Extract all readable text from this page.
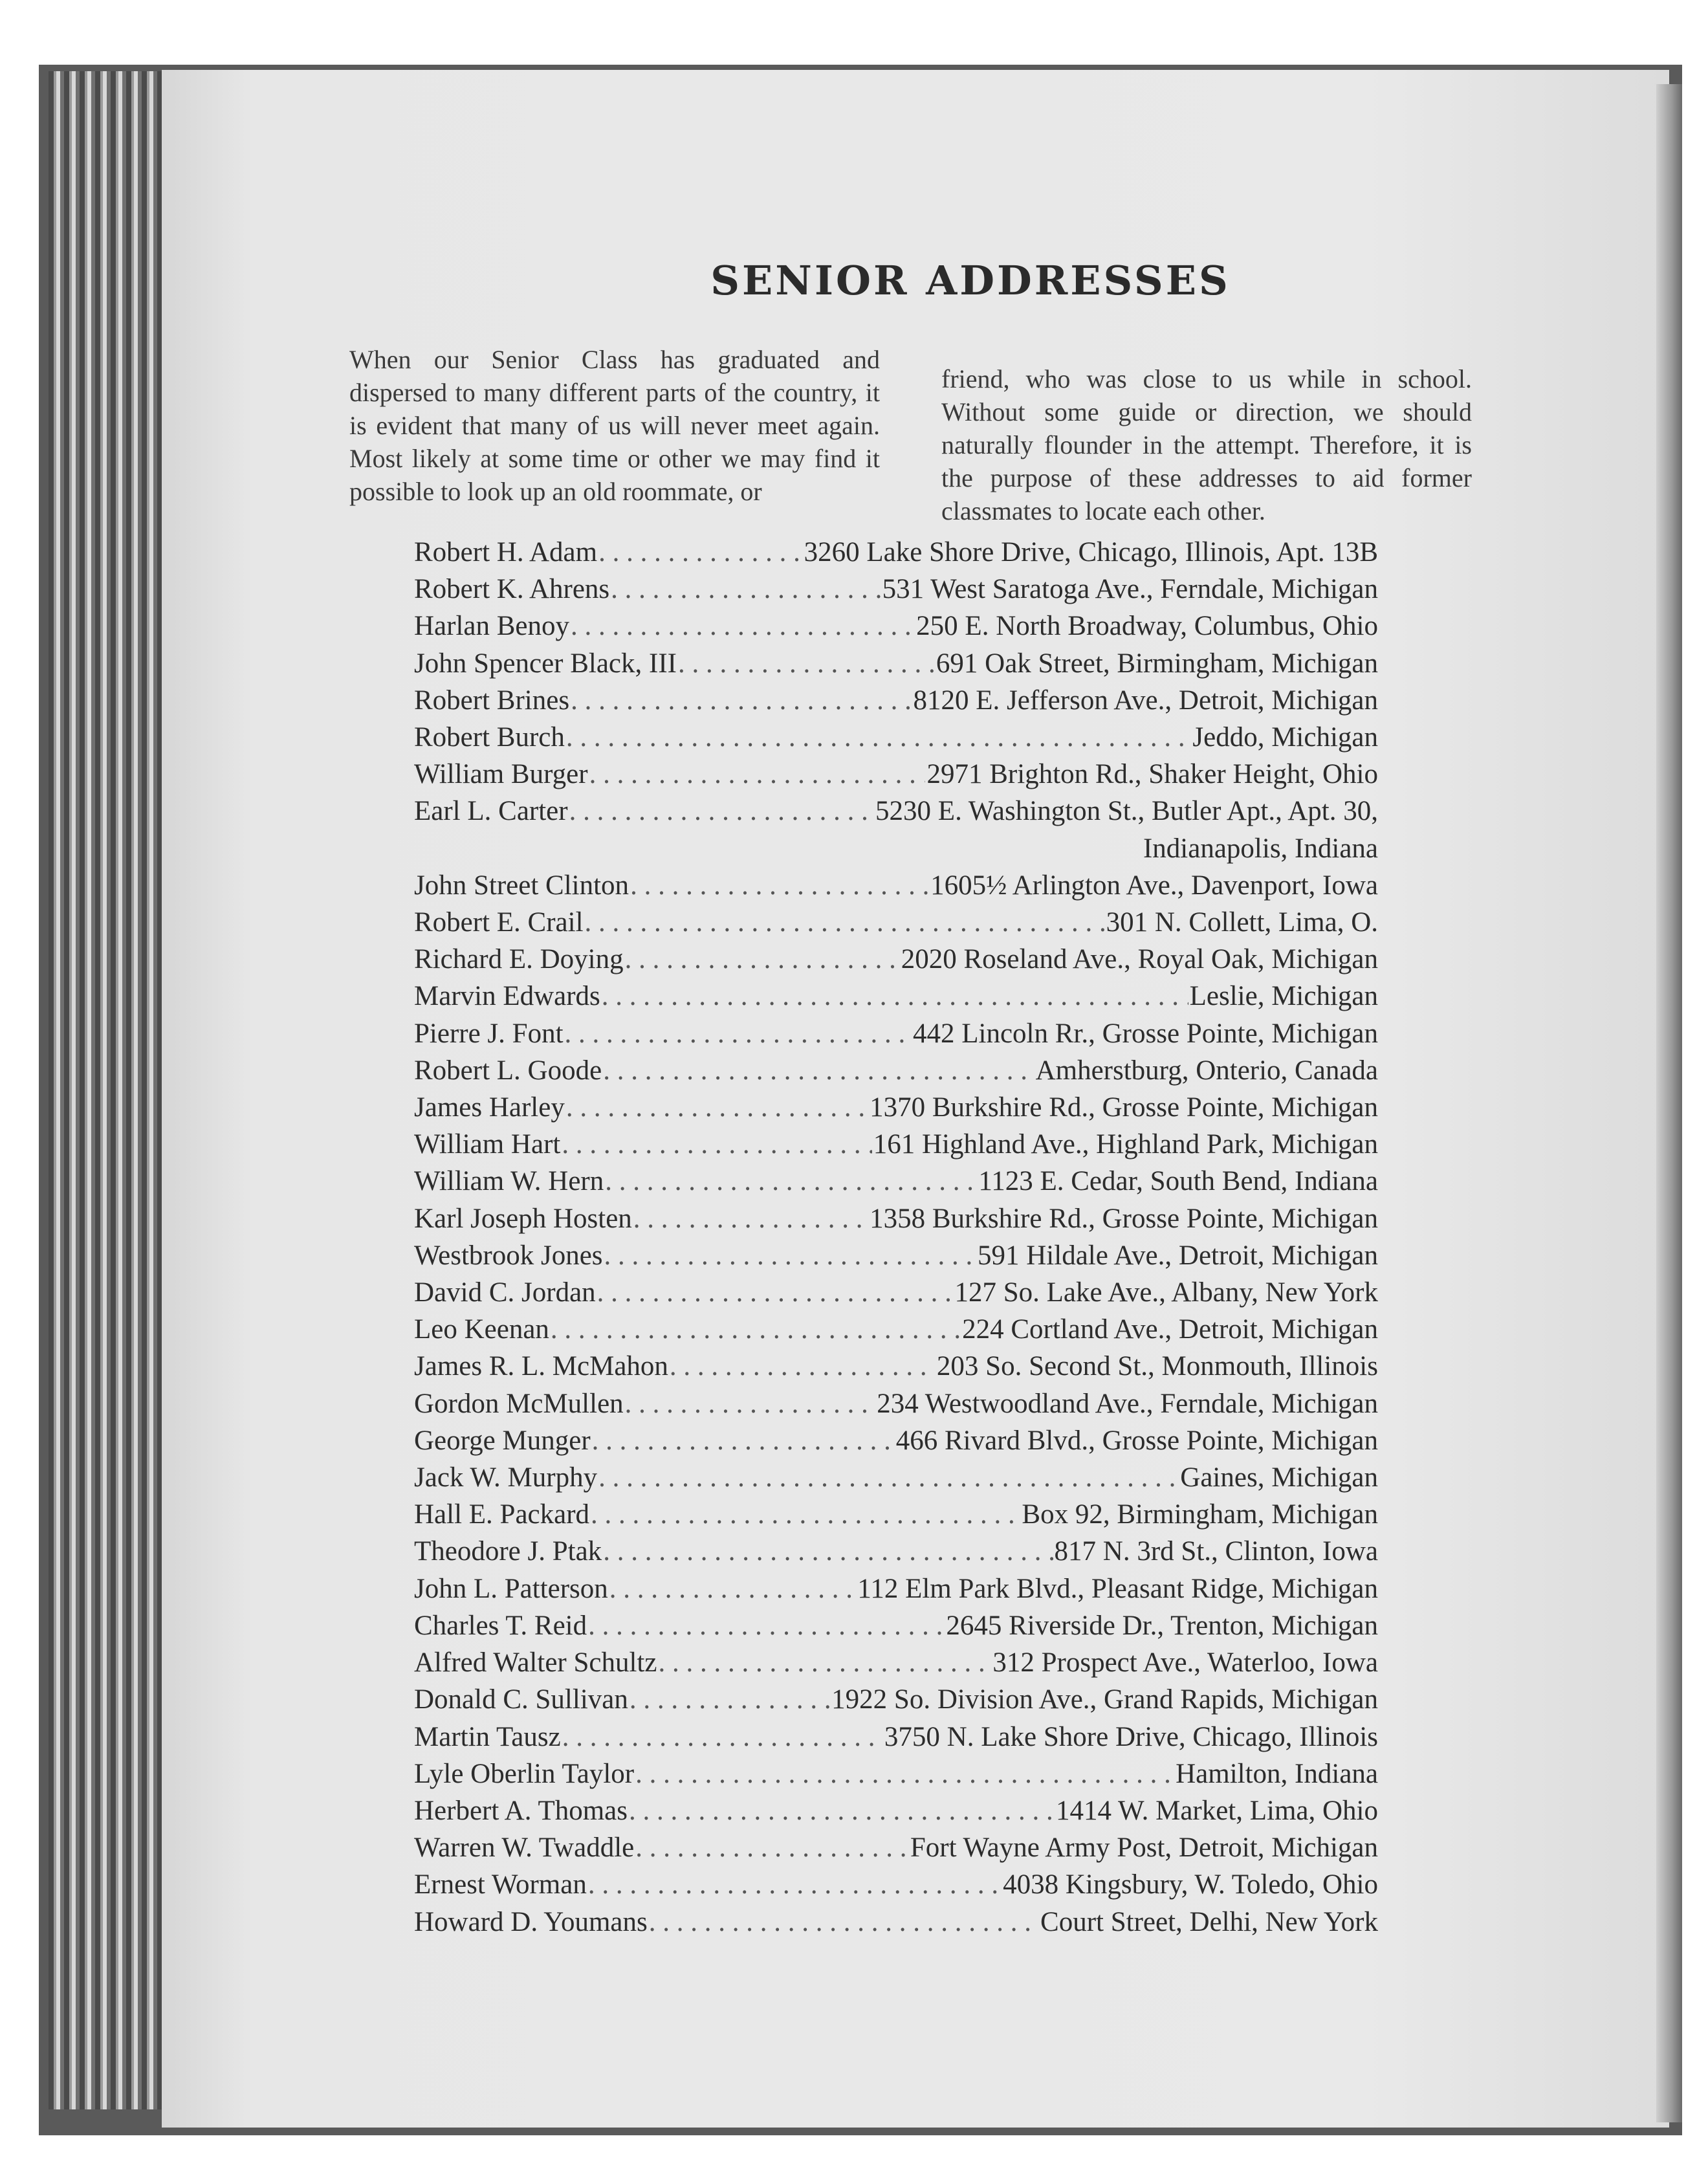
SENIOR ADDRESSES

When our Senior Class has graduated and dispersed to many different parts of the country, it is evident that many of us will never meet again. Most likely at some time or other we may find it possible to look up an old roommate, or

friend, who was close to us while in school. Without some guide or direction, we should naturally flounder in the attempt. Therefore, it is the purpose of these addresses to aid former classmates to locate each other.

Robert H. Adam . . .	3260 Lake Shore Drive, Chicago, Illinois, Apt. 13B
Robert K. Ahrens . . .	531 West Saratoga Ave., Ferndale, Michigan
Harlan Benoy . . .	250 E. North Broadway, Columbus, Ohio
John Spencer Black, III . . .	691 Oak Street, Birmingham, Michigan
Robert Brines . . .	8120 E. Jefferson Ave., Detroit, Michigan
Robert Burch . . .	Jeddo, Michigan
William Burger . . .	2971 Brighton Rd., Shaker Height, Ohio
Earl L. Carter . . .	5230 E. Washington St., Butler Apt., Apt. 30,
Indianapolis, Indiana
John Street Clinton . . .	1605½ Arlington Ave., Davenport, Iowa
Robert E. Crail . . .	301 N. Collett, Lima, O.
Richard E. Doying . . .	2020 Roseland Ave., Royal Oak, Michigan
Marvin Edwards . . .	Leslie, Michigan
Pierre J. Font . . .	442 Lincoln Rr., Grosse Pointe, Michigan
Robert L. Goode . . .	Amherstburg, Onterio, Canada
James Harley . . .	1370 Burkshire Rd., Grosse Pointe, Michigan
William Hart . . .	161 Highland Ave., Highland Park, Michigan
William W. Hern . . .	1123 E. Cedar, South Bend, Indiana
Karl Joseph Hosten . . .	1358 Burkshire Rd., Grosse Pointe, Michigan
Westbrook Jones . . .	591 Hildale Ave., Detroit, Michigan
David C. Jordan . . .	127 So. Lake Ave., Albany, New York
Leo Keenan . . .	224 Cortland Ave., Detroit, Michigan
James R. L. McMahon . . .	203 So. Second St., Monmouth, Illinois
Gordon McMullen . . .	234 Westwoodland Ave., Ferndale, Michigan
George Munger . . .	466 Rivard Blvd., Grosse Pointe, Michigan
Jack W. Murphy . . .	Gaines, Michigan
Hall E. Packard . . .	Box 92, Birmingham, Michigan
Theodore J. Ptak . . .	817 N. 3rd St., Clinton, Iowa
John L. Patterson . . .	112 Elm Park Blvd., Pleasant Ridge, Michigan
Charles T. Reid . . .	2645 Riverside Dr., Trenton, Michigan
Alfred Walter Schultz . . .	312 Prospect Ave., Waterloo, Iowa
Donald C. Sullivan . . .	1922 So. Division Ave., Grand Rapids, Michigan
Martin Tausz . . .	3750 N. Lake Shore Drive, Chicago, Illinois
Lyle Oberlin Taylor . . .	Hamilton, Indiana
Herbert A. Thomas . . .	1414 W. Market, Lima, Ohio
Warren W. Twaddle . . .	Fort Wayne Army Post, Detroit, Michigan
Ernest Worman . . .	4038 Kingsbury, W. Toledo, Ohio
Howard D. Youmans . . .	Court Street, Delhi, New York
